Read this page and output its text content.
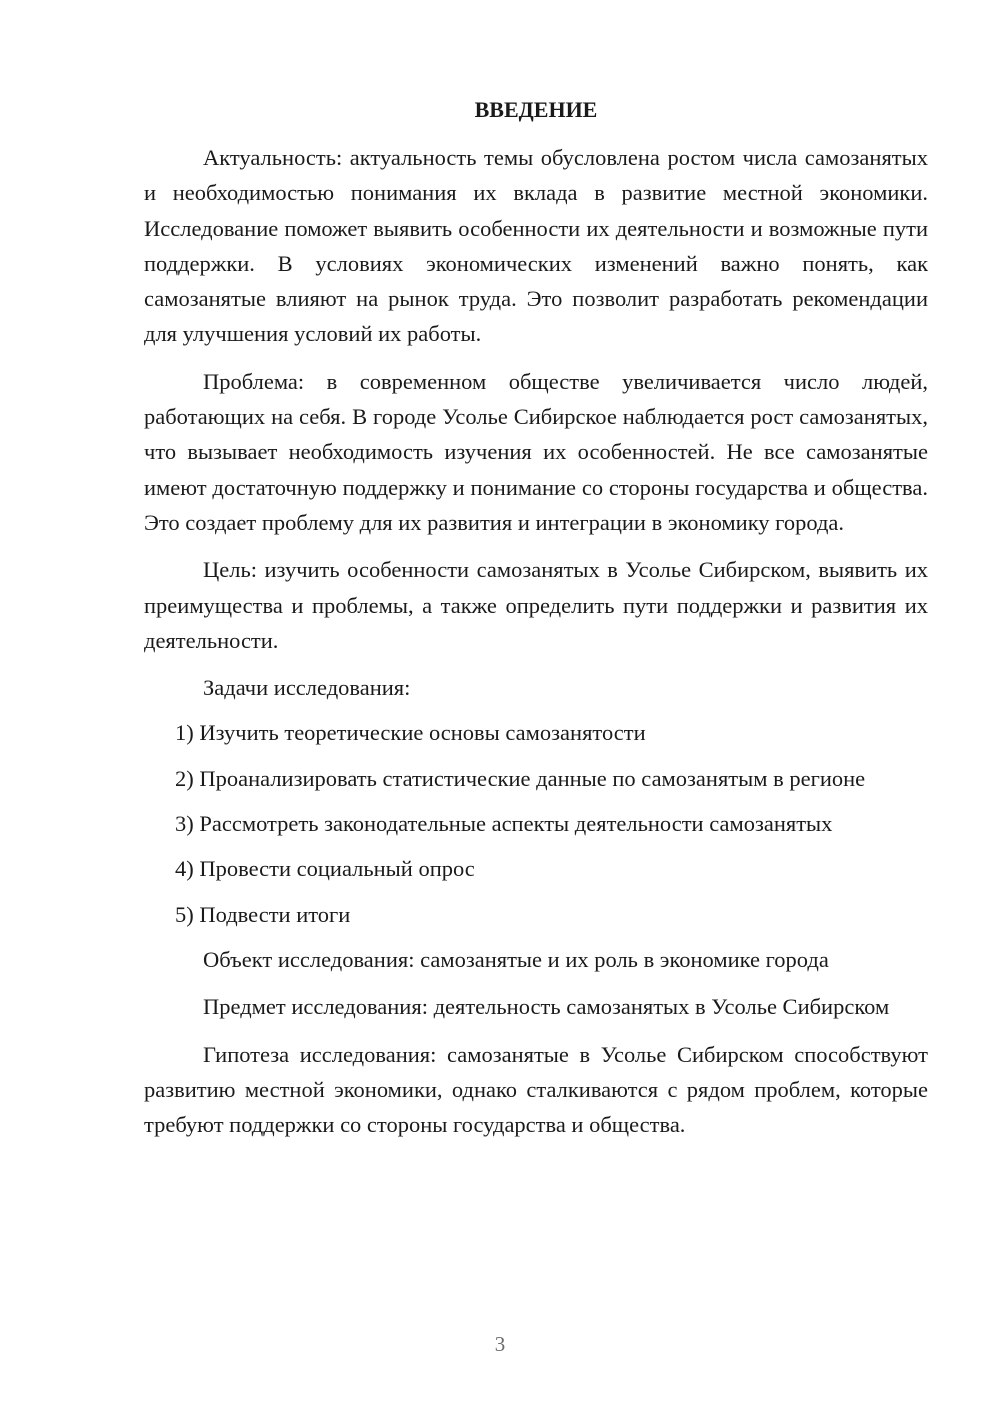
ВВЕДЕНИЕ

Актуальность: актуальность темы обусловлена ростом числа самозанятых и необходимостью понимания их вклада в развитие местной экономики. Исследование поможет выявить особенности их деятельности и возможные пути поддержки. В условиях экономических изменений важно понять, как самозанятые влияют на рынок труда. Это позволит разработать рекомендации для улучшения условий их работы.

Проблема: в современном обществе увеличивается число людей, работающих на себя. В городе Усолье Сибирское наблюдается рост самозанятых, что вызывает необходимость изучения их особенностей. Не все самозанятые имеют достаточную поддержку и понимание со стороны государства и общества. Это создает проблему для их развития и интеграции в экономику города.

Цель: изучить особенности самозанятых в Усолье Сибирском, выявить их преимущества и проблемы, а также определить пути поддержки и развития их деятельности.

Задачи исследования:

1) Изучить теоретические основы самозанятости

2) Проанализировать статистические данные по самозанятым в регионе

3) Рассмотреть законодательные аспекты деятельности самозанятых

4) Провести социальный опрос

5) Подвести итоги

Объект исследования: самозанятые и их роль в экономике города

Предмет исследования: деятельность самозанятых в Усолье Сибирском

Гипотеза исследования: самозанятые в Усолье Сибирском способствуют развитию местной экономики, однако сталкиваются с рядом проблем, которые требуют поддержки со стороны государства и общества.

3
